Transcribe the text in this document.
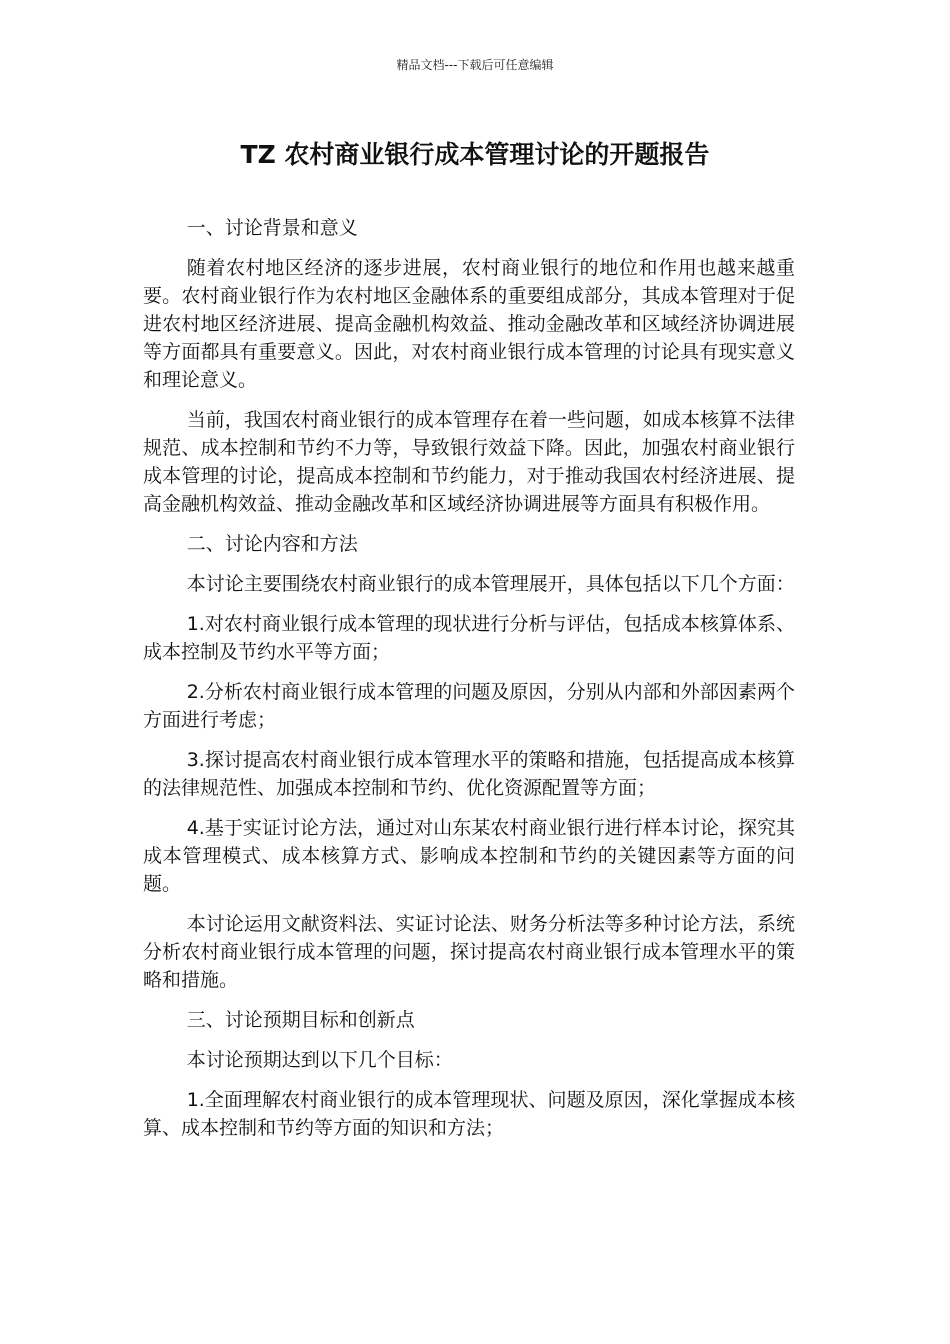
精品文档---下载后可任意编辑
TZ 农村商业银行成本管理讨论的开题报告

一、讨论背景和意义

随着农村地区经济的逐步进展，农村商业银行的地位和作用也越来越重要。农村商业银行作为农村地区金融体系的重要组成部分，其成本管理对于促进农村地区经济进展、提高金融机构效益、推动金融改革和区域经济协调进展等方面都具有重要意义。因此，对农村商业银行成本管理的讨论具有现实意义和理论意义。

当前，我国农村商业银行的成本管理存在着一些问题，如成本核算不法律规范、成本控制和节约不力等，导致银行效益下降。因此，加强农村商业银行成本管理的讨论，提高成本控制和节约能力，对于推动我国农村经济进展、提高金融机构效益、推动金融改革和区域经济协调进展等方面具有积极作用。

二、讨论内容和方法

本讨论主要围绕农村商业银行的成本管理展开，具体包括以下几个方面：

1.对农村商业银行成本管理的现状进行分析与评估，包括成本核算体系、成本控制及节约水平等方面；

2.分析农村商业银行成本管理的问题及原因，分别从内部和外部因素两个方面进行考虑；

3.探讨提高农村商业银行成本管理水平的策略和措施，包括提高成本核算的法律规范性、加强成本控制和节约、优化资源配置等方面；

4.基于实证讨论方法，通过对山东某农村商业银行进行样本讨论，探究其成本管理模式、成本核算方式、影响成本控制和节约的关键因素等方面的问题。

本讨论运用文献资料法、实证讨论法、财务分析法等多种讨论方法，系统分析农村商业银行成本管理的问题，探讨提高农村商业银行成本管理水平的策略和措施。

三、讨论预期目标和创新点

本讨论预期达到以下几个目标：

1.全面理解农村商业银行的成本管理现状、问题及原因，深化掌握成本核算、成本控制和节约等方面的知识和方法；
